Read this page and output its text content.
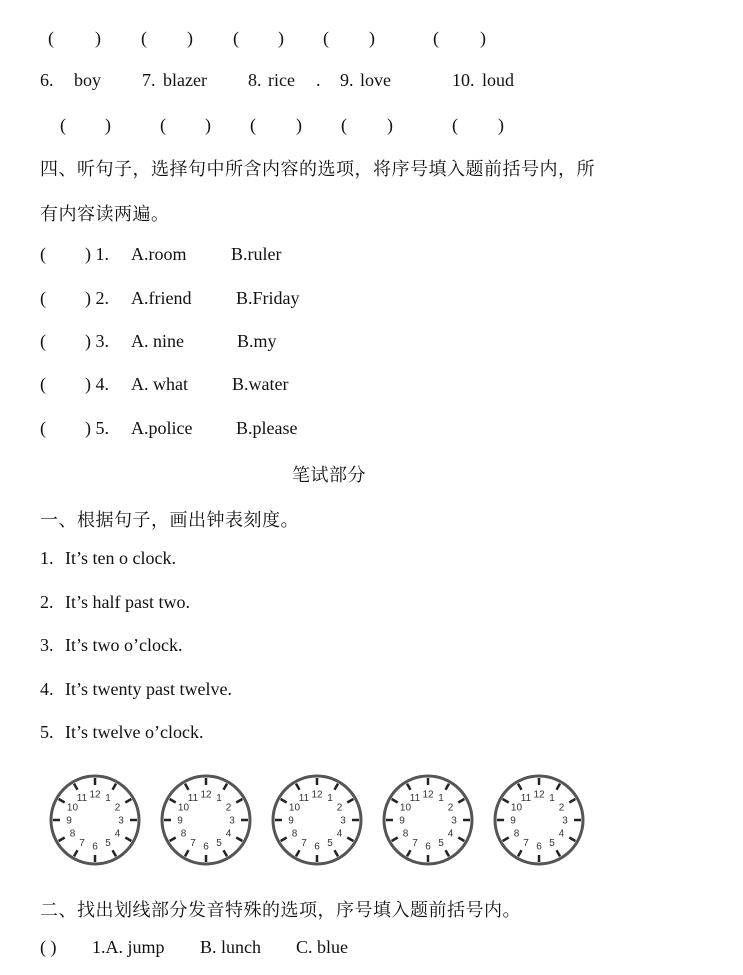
( ) ( ) ( ) ( )	( )
6. boy 7. blazer 8. rice . 9. love	10. loud
( )	( ) ( ) ( )	( )
四、听句子，选择句中所含内容的选项，将序号填入题前括号内，所
有内容读两遍。
( ) 1. A.room B.ruler
( ) 2. A.friend B.Friday
( ) 3. A. nine	B.my
( ) 4. A. what B.water
( ) 5. A.police B.please
笔试部分
一、根据句子，画出钟表刻度。
1. It’s ten o clock.
2. It’s half past two.
3. It’s two o’clock.
4. It’s twenty past twelve.
5. It’s twelve o’clock.
12 1
2
3
4
5
6
7
8
9
10
11	12 1
2
3
4
5
6
7
8
9
10
11	12 1
2
3
4
5
6
7
8
9
10
11	12 1
2
3
4
5
6
7
8
9
10
11	12 1
2
3
4
5
6
7
8
9
10
11
二、找出划线部分发音特殊的选项，序号填入题前括号内。
( ) 1.A. jump B. lunch C. blue
